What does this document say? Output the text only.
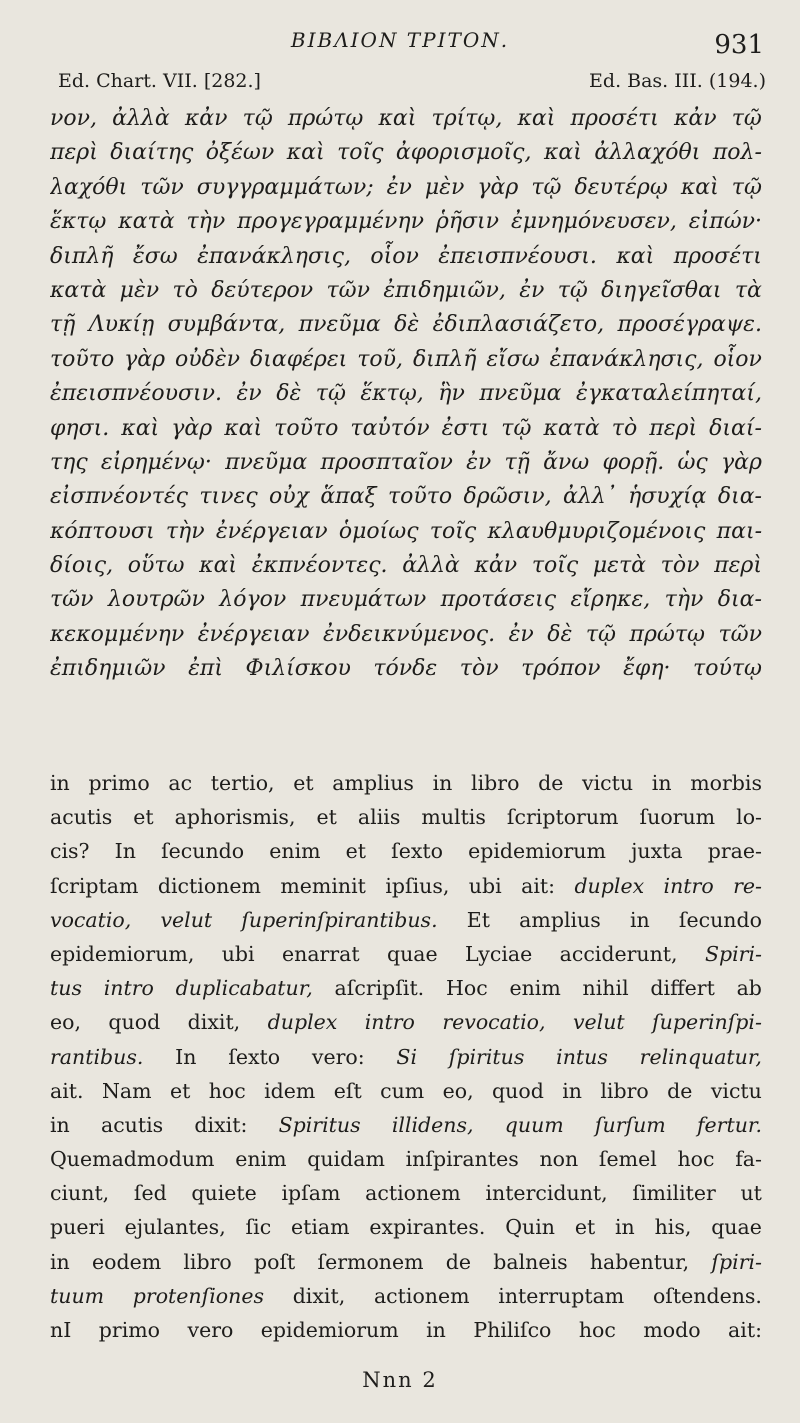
ΒΙΒΛΙΟΝ ΤΡΙΤΟΝ.	931
Ed. Chart. VII. [282.]	Ed. Bas. III. (194.)
νον, ἀλλὰ κἀν τῷ πρώτῳ καὶ τρίτῳ, καὶ προσέτι κἀν τῷ
περὶ διαίτης ὀξέων καὶ τοῖς ἀφορισμοῖς, καὶ ἀλλαχόθι πολ-
λαχόθι τῶν συγγραμμάτων; ἐν μὲν γὰρ τῷ δευτέρῳ καὶ τῷ
ἕκτῳ κατὰ τὴν προγεγραμμένην ῥῆσιν ἐμνημόνευσεν, εἰπών·
διπλῆ ἔσω ἐπανάκλησις, οἷον ἐπεισπνέουσι. καὶ προσέτι
κατὰ μὲν τὸ δεύτερον τῶν ἐπιδημιῶν, ἐν τῷ διηγεῖσθαι τὰ
τῇ Λυκίῃ συμβάντα, πνεῦμα δὲ ἐδιπλασιάζετο, προσέγραψε.
τοῦτο γὰρ οὐδὲν διαφέρει τοῦ, διπλῆ εἴσω ἐπανάκλησις, οἷον
ἐπεισπνέουσιν. ἐν δὲ τῷ ἕκτῳ, ἣν πνεῦμα ἐγκαταλείπηταί,
φησι. καὶ γὰρ καὶ τοῦτο ταὐτόν ἐστι τῷ κατὰ τὸ περὶ διαί-
της εἰρημένῳ· πνεῦμα προσπταῖον ἐν τῇ ἄνω φορῇ. ὡς γὰρ
εἰσπνέοντές τινες οὐχ ἅπαξ τοῦτο δρῶσιν, ἀλλ᾽ ἡσυχίᾳ δια-
κόπτουσι τὴν ἐνέργειαν ὁμοίως τοῖς κλαυθμυριζομένοις παι-
δίοις, οὕτω καὶ ἐκπνέοντες. ἀλλὰ κἀν τοῖς μετὰ τὸν περὶ
τῶν λουτρῶν λόγον πνευμάτων προτάσεις εἴρηκε, τὴν δια-
κεκομμένην ἐνέργειαν ἐνδεικνύμενος. ἐν δὲ τῷ πρώτῳ τῶν
ἐπιδημιῶν ἐπὶ Φιλίσκου τόνδε τὸν τρόπον ἔφη· τούτῳ
in primo ac tertio, et amplius in libro de victu in morbis
acutis et aphorismis, et aliis multis ſcriptorum ſuorum lo-
cis? In ſecundo enim et ſexto epidemiorum juxta prae-
ſcriptam dictionem meminit ipſius, ubi ait: duplex intro re-
vocatio, velut ſuperinſpirantibus. Et amplius in ſecundo
epidemiorum, ubi enarrat quae Lyciae acciderunt, Spiri-
tus intro duplicabatur, aſcripſit. Hoc enim nihil differt ab
eo, quod dixit, duplex intro revocatio, velut ſuperinſpi-
rantibus. In ſexto vero: Si ſpiritus intus relinquatur,
ait. Nam et hoc idem eſt cum eo, quod in libro de victu
in acutis dixit: Spiritus illidens, quum ſurſum fertur.
Quemadmodum enim quidam inſpirantes non ſemel hoc fa-
ciunt, ſed quiete ipſam actionem intercidunt, ſimiliter ut
pueri ejulantes, ſic etiam expirantes. Quin et in his, quae
in eodem libro poſt ſermonem de balneis habentur, ſpiri-
tuum protenſiones dixit, actionem interruptam oſtendens.
nI primo vero epidemiorum in Philiſco hoc modo ait:
Nnn 2
